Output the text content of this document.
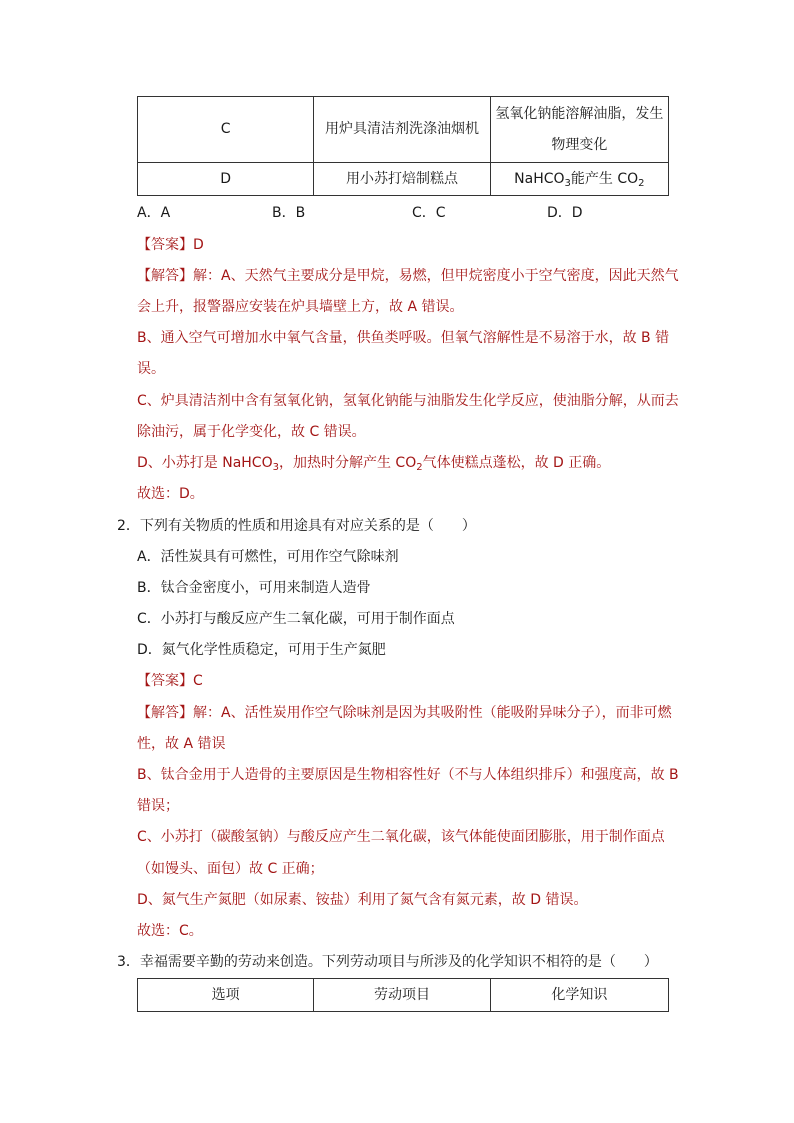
C	用炉具清洁剂洗涤油烟机	氢氧化钠能溶解油脂，发生
物理变化

D	用小苏打焙制糕点	NaHCO$_3$能产生 $CO_2$
A．A	B．B	C．C	D．D
【答案】D
【解答】解：A、天然气主要成分是甲烷，易燃，但甲烷密度小于空气密度，因此天然气
会上升，报警器应安装在炉具墙壁上方，故 A 错误。
B、通入空气可增加水中氧气含量，供鱼类呼吸。但氧气溶解性是不易溶于水，故 B 错
误。
C、炉具清洁剂中含有氢氧化钠，氢氧化钠能与油脂发生化学反应，使油脂分解，从而去
除油污，属于化学变化，故 C 错误。
D、小苏打是 NaHCO$_3$，加热时分解产生 $CO_2$气体使糕点蓬松，故 D 正确。
故选：D。
2．下列有关物质的性质和用途具有对应关系的是（　　）
A．活性炭具有可燃性，可用作空气除味剂
B．钛合金密度小，可用来制造人造骨
C．小苏打与酸反应产生二氧化碳，可用于制作面点
D．氮气化学性质稳定，可用于生产氮肥
【答案】C
【解答】解：A、活性炭用作空气除味剂是因为其吸附性（能吸附异味分子），而非可燃
性，故 A 错误
B、钛合金用于人造骨的主要原因是生物相容性好（不与人体组织排斥）和强度高，故 B
错误；
C、小苏打（碳酸氢钠）与酸反应产生二氧化碳，该气体能使面团膨胀，用于制作面点
（如馒头、面包）故 C 正确；
D、氮气生产氮肥（如尿素、铵盐）利用了氮气含有氮元素，故 D 错误。
故选：C。
3．幸福需要辛勤的劳动来创造。下列劳动项目与所涉及的化学知识不相符的是（　　）
选项	劳动项目	化学知识
